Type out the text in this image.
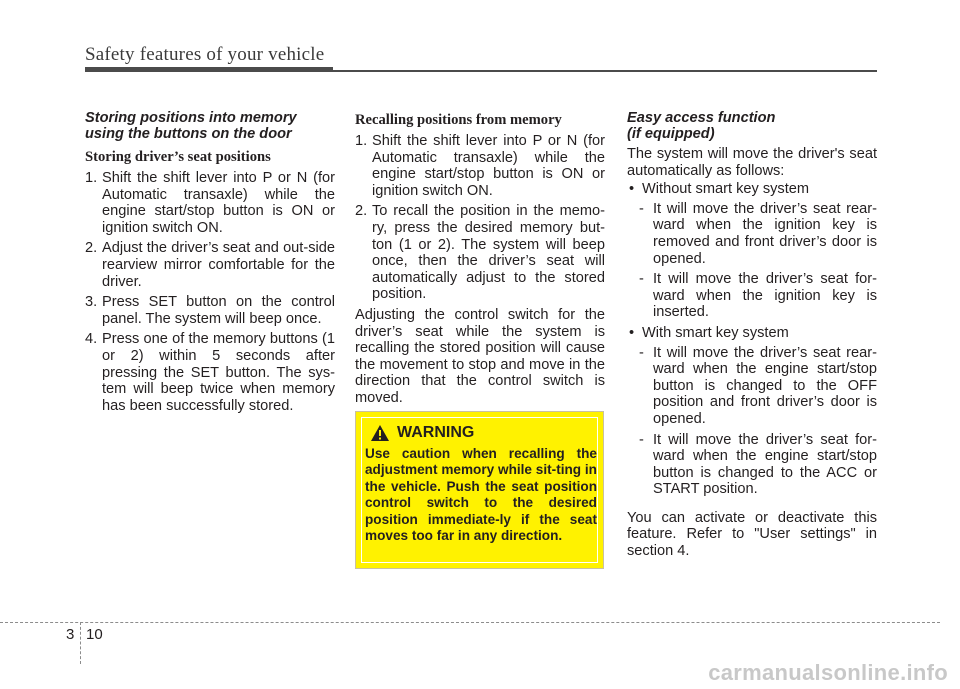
Safety features of your vehicle
Storing positions into memory using the buttons on the door
Storing driver’s seat positions
1. Shift the shift lever into P or N (for Automatic transaxle) while the engine start/stop button is ON or ignition switch ON.
2. Adjust the driver’s seat and out-side rearview mirror comfortable for the driver.
3. Press SET button on the control panel. The system will beep once.
4. Press one of the memory buttons (1 or 2) within 5 seconds after pressing the SET button. The sys-tem will beep twice when memory has been successfully stored.
Recalling positions from memory
1. Shift the shift lever into P or N (for Automatic transaxle) while the engine start/stop button is ON or ignition switch ON.
2. To recall the position in the memo-ry, press the desired memory but-ton (1 or 2). The system will beep once, then the driver’s seat will automatically adjust to the stored position.

Adjusting the control switch for the driver’s seat while the system is recalling the stored position will cause the movement to stop and move in the direction that the control switch is moved.

WARNING
Use caution when recalling the adjustment memory while sit-ting in the vehicle. Push the seat position control switch to the desired position immediate-ly if the seat moves too far in any direction.
Easy access function
(if equipped)

The system will move the driver's seat automatically as follows:

• Without smart key system
- It will move the driver’s seat rear-ward when the ignition key is removed and front driver’s door is opened.
- It will move the driver’s seat for-ward when the ignition key is inserted.
• With smart key system
- It will move the driver’s seat rear-ward when the engine start/stop button is changed to the OFF position and front driver’s door is opened.
- It will move the driver’s seat for-ward when the engine start/stop button is changed to the ACC or START position.

You can activate or deactivate this feature. Refer to "User settings" in section 4.

3 10
carmanualsonline.info
